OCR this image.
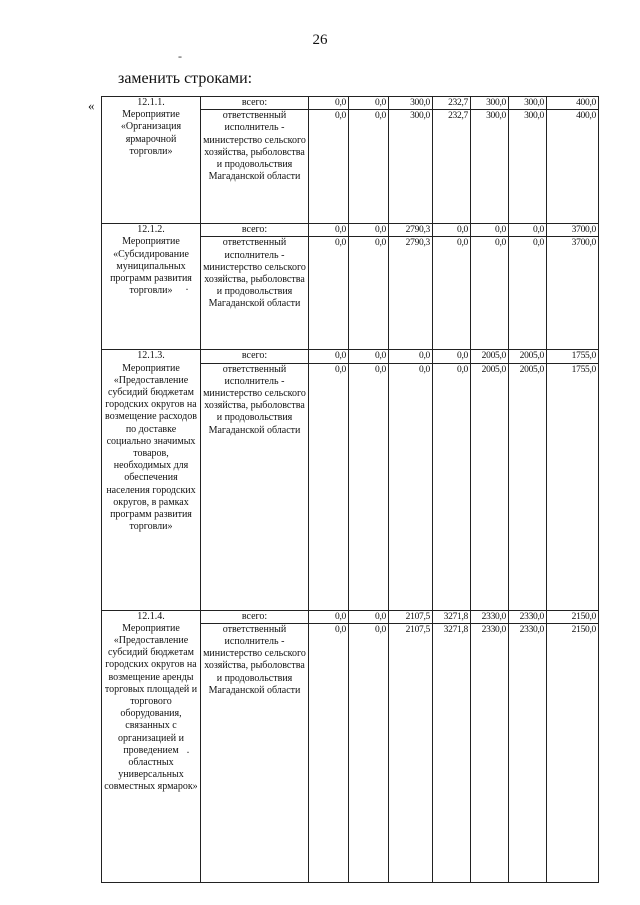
26
заменить строками:
«	12.1.1.
Мероприятие «Организация ярмарочной торговли»	всего:	0,0	0,0	300,0	232,7	300,0	300,0	400,0
	ответственный исполнитель - министерство сельского хозяйства, рыболовства и продовольствия Магаданской области	0,0	0,0	300,0	232,7	300,0	300,0	400,0

12.1.2.
Мероприятие «Субсидирование муниципальных программ развития торговли»	всего:	0,0	0,0	2790,3	0,0	0,0	0,0	3700,0
	ответственный исполнитель - министерство сельского хозяйства, рыболовства и продовольствия Магаданской области	0,0	0,0	2790,3	0,0	0,0	0,0	3700,0

12.1.3.
Мероприятие «Предоставление субсидий бюджетам городских округов на возмещение расходов по доставке социально значимых товаров, необходимых для обеспечения населения городских округов, в рамках программ развития торговли»	всего:	0,0	0,0	0,0	0,0	2005,0	2005,0	1755,0
	ответственный исполнитель - министерство сельского хозяйства, рыболовства и продовольствия Магаданской области	0,0	0,0	0,0	0,0	2005,0	2005,0	1755,0

12.1.4.
Мероприятие «Предоставление субсидий бюджетам городских округов на возмещение аренды торговых площадей и торгового оборудования, связанных с организацией и проведением областных универсальных совместных ярмарок»	всего:	0,0	0,0	2107,5	3271,8	2330,0	2330,0	2150,0
	ответственный исполнитель - министерство сельского хозяйства, рыболовства и продовольствия Магаданской области	0,0	0,0	2107,5	3271,8	2330,0	2330,0	2150,0
-
·
·
